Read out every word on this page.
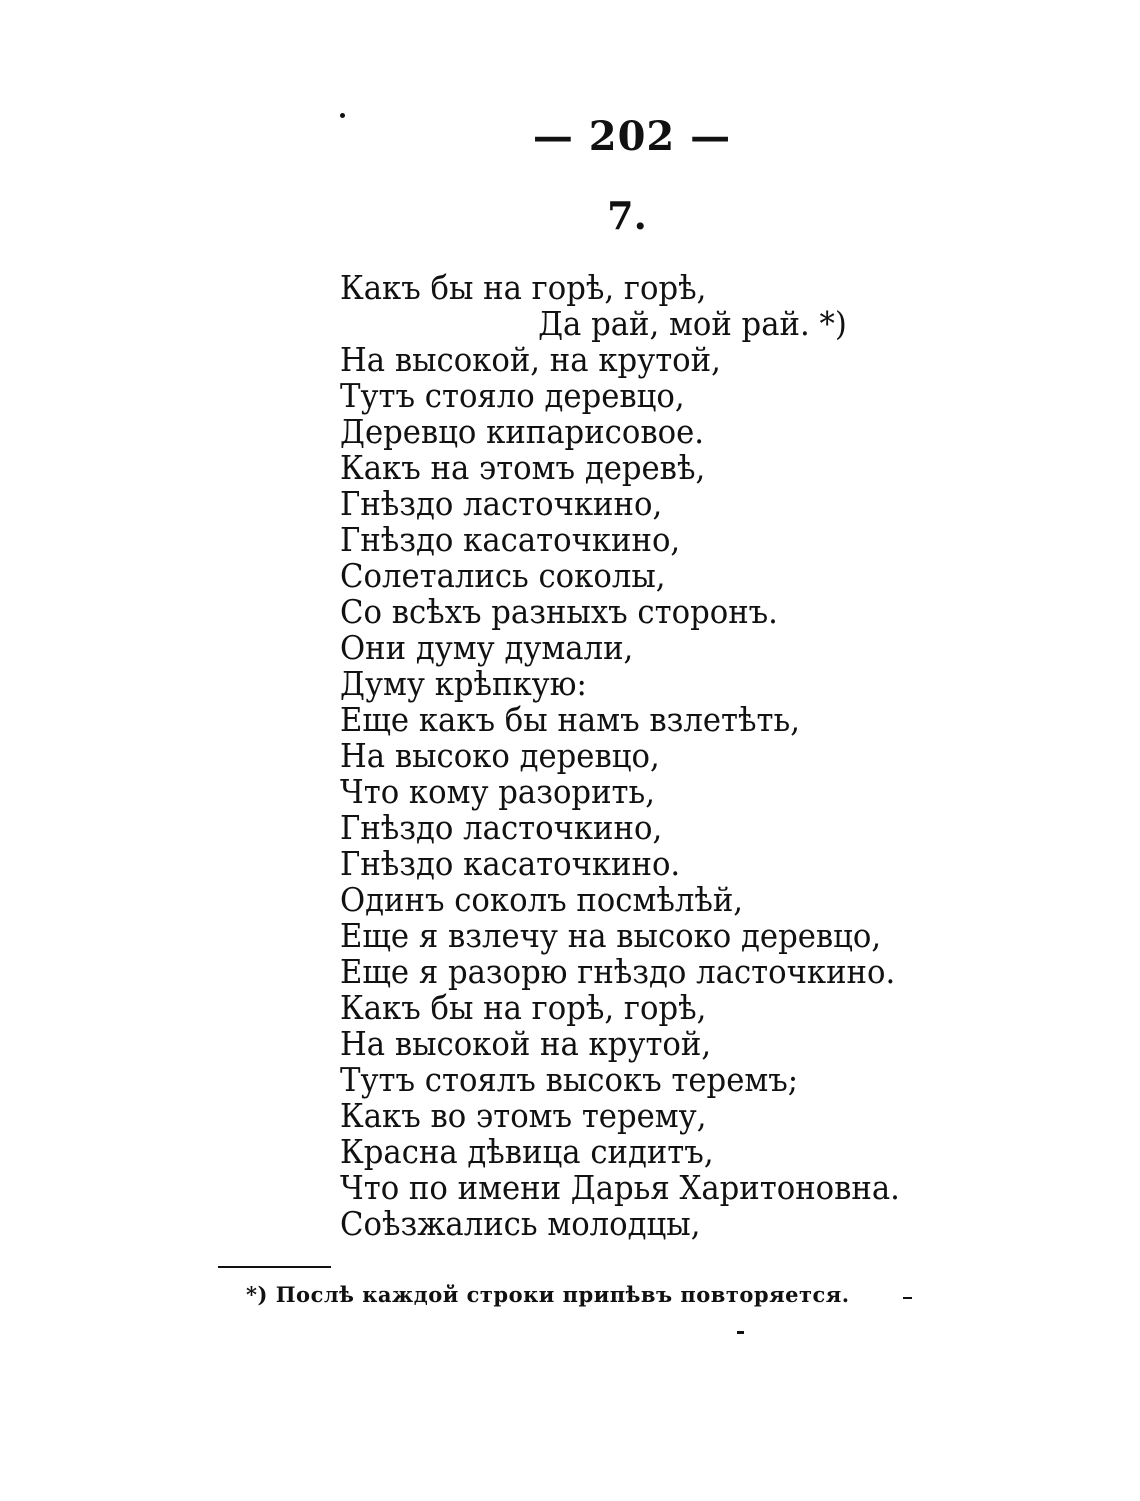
— 202 —
7.
Какъ бы на горѣ, горѣ,
Да рай, мой рай. *)
На высокой, на крутой,
Тутъ стояло деревцо,
Деревцо кипарисовое.
Какъ на этомъ деревѣ,
Гнѣздо ласточкино,
Гнѣздо касаточкино,
Солетались соколы,
Со всѣхъ разныхъ сторонъ.
Они думу думали,
Думу крѣпкую:
Еще какъ бы намъ взлетѣть,
На высоко деревцо,
Что кому разорить,
Гнѣздо ласточкино,
Гнѣздо касаточкино.
Одинъ соколъ посмѣлѣй,
Еще я взлечу на высоко деревцо,
Еще я разорю гнѣздо ласточкино.
Какъ бы на горѣ, горѣ,
На высокой на крутой,
Тутъ стоялъ высокъ теремъ;
Какъ во этомъ терему,
Красна дѣвица сидитъ,
Что по имени Дарья Харитоновна.
Соѣзжались молодцы,
*) Послѣ каждой строки припѣвъ повторяется.
